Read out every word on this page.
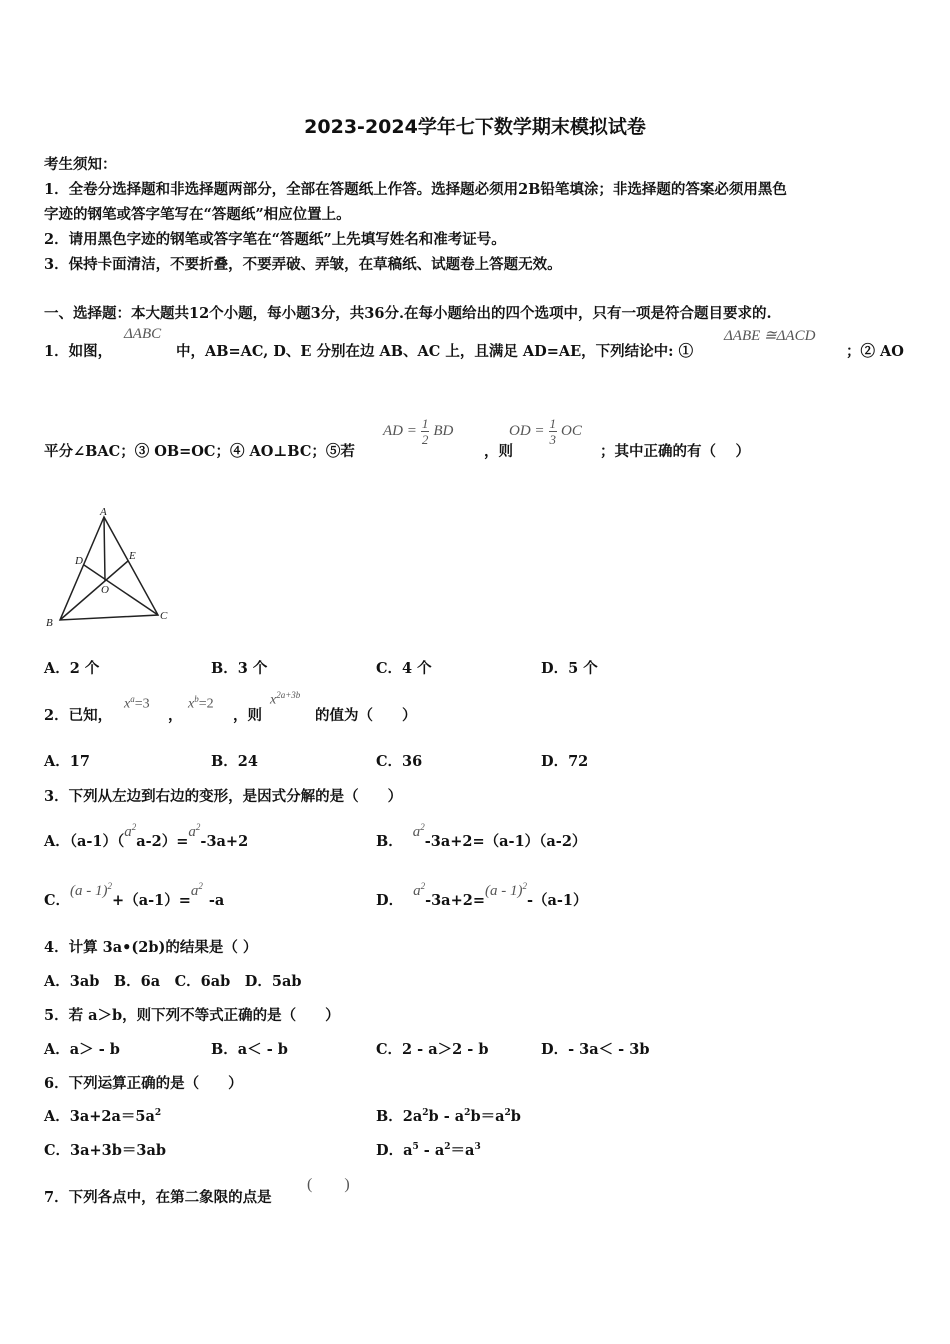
2023-2024学年七下数学期末模拟试卷
考生须知：
1．全卷分选择题和非选择题两部分，全部在答题纸上作答。选择题必须用2B铅笔填涂；非选择题的答案必须用黑色
字迹的钢笔或答字笔写在“答题纸”相应位置上。
2．请用黑色字迹的钢笔或答字笔在“答题纸”上先填写姓名和准考证号。
3．保持卡面清洁，不要折叠，不要弄破、弄皱，在草稿纸、试题卷上答题无效。
一、选择题：本大题共12个小题，每小题3分，共36分.在每小题给出的四个选项中，只有一项是符合题目要求的.
1．如图，
ΔABC
中，AB=AC, D、E 分别在边 AB、AC 上，且满足 AD=AE，下列结论中: ①
ΔABE ≅ΔACD
；② AO
平分∠BAC；③ OB=OC；④ AO⊥BC；⑤若
AD = $\frac{1}{2}$ BD
，则
OD = $\frac{1}{3}$ OC
；其中正确的有（　 ）
A
B
C
D	E
O
A．2 个	B．3 个	C．4 个	D．5 个
2．已知，
$x^a=3$
，
$x^b=2$
，则
$x^{2a+3b}$
的值为（　　）
A．17	B．24	C．36	D．72
3．下列从左边到右边的变形，是因式分解的是（　　）
A．$(a-1)(a^2a-2)=a^2-3a+2$	B．$a^2-3a+2=(a-1)(a-2)$
C．$(a - 1)^2+(a-1)=a^2-a$	D．$a^2-3a+2=(a - 1)^2-(a-1)$
4．计算 3a•(2b)的结果是（ ）
A．3ab　B．6a　C．6ab　D．5ab
5．若 a＞b，则下列不等式正确的是（　　）
A．a＞ - b	B．a＜ - b	C．2 - a＞2 - b	D．- 3a＜ - 3b
6．下列运算正确的是（　　）
A．$3a+2a=5a^2$	B．$2a^2b - a^2b=a^2b$
C．3a+3b＝3ab	D．$a^5 - a^2=a^3$
7．下列各点中，在第二象限的点是
(　　)
